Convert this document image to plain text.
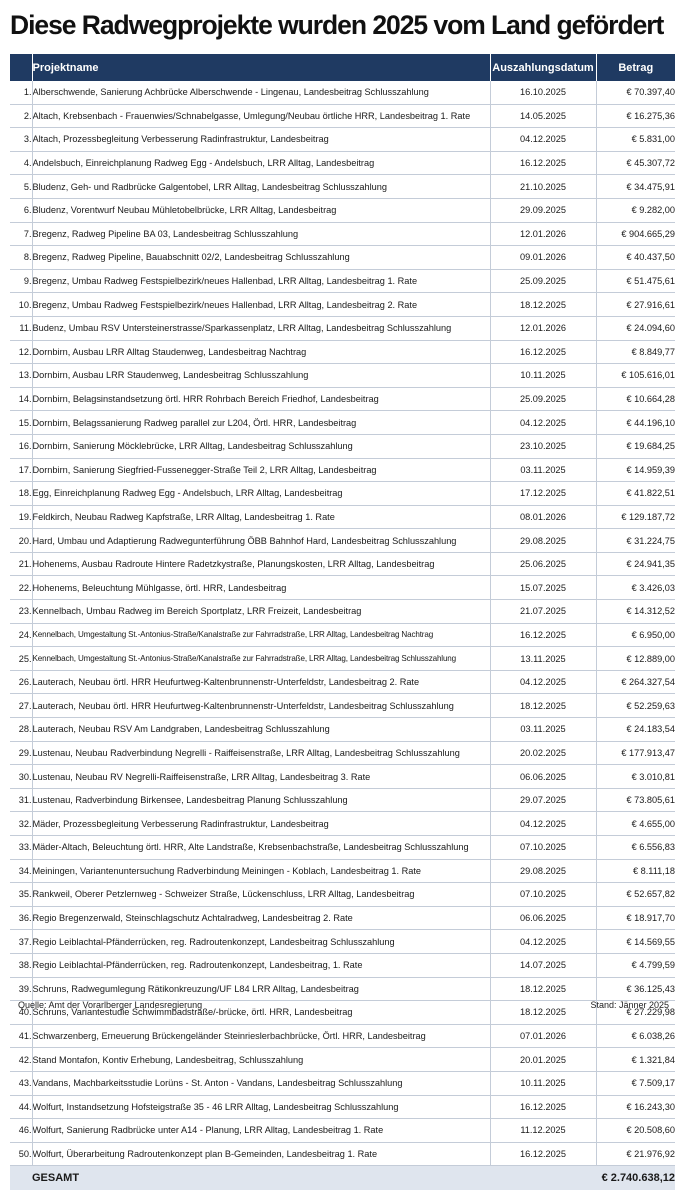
Diese Radwegprojekte wurden 2025 vom Land gefördert
	Projektname	Auszahlungsdatum	Betrag
1.	Alberschwende, Sanierung Achbrücke Alberschwende - Lingenau, Landesbeitrag Schlusszahlung	16.10.2025	€ 70.397,40
2.	Altach, Krebsenbach - Frauenwies/Schnabelgasse, Umlegung/Neubau örtliche HRR, Landesbeitrag 1. Rate	14.05.2025	€ 16.275,36
3.	Altach, Prozessbegleitung Verbesserung Radinfrastruktur, Landesbeitrag	04.12.2025	€ 5.831,00
4.	Andelsbuch, Einreichplanung Radweg Egg - Andelsbuch, LRR Alltag, Landesbeitrag	16.12.2025	€ 45.307,72
5.	Bludenz, Geh- und Radbrücke Galgentobel, LRR Alltag, Landesbeitrag Schlusszahlung	21.10.2025	€ 34.475,91
6.	Bludenz, Vorentwurf Neubau Mühletobelbrücke, LRR Alltag, Landesbeitrag	29.09.2025	€ 9.282,00
7.	Bregenz, Radweg Pipeline BA 03, Landesbeitrag Schlusszahlung	12.01.2026	€ 904.665,29
8.	Bregenz, Radweg Pipeline, Bauabschnitt 02/2, Landesbeitrag Schlusszahlung	09.01.2026	€ 40.437,50
9.	Bregenz, Umbau Radweg Festspielbezirk/neues Hallenbad, LRR Alltag, Landesbeitrag 1. Rate	25.09.2025	€ 51.475,61
10.	Bregenz, Umbau Radweg Festspielbezirk/neues Hallenbad, LRR Alltag, Landesbeitrag 2. Rate	18.12.2025	€ 27.916,61
11.	Budenz, Umbau RSV Untersteinerstrasse/Sparkassenplatz, LRR Alltag, Landesbeitrag Schlusszahlung	12.01.2026	€ 24.094,60
12.	Dornbirn, Ausbau LRR Alltag Staudenweg, Landesbeitrag Nachtrag	16.12.2025	€ 8.849,77
13.	Dornbirn, Ausbau LRR Staudenweg, Landesbeitrag Schlusszahlung	10.11.2025	€ 105.616,01
14.	Dornbirn, Belagsinstandsetzung örtl. HRR Rohrbach Bereich Friedhof, Landesbeitrag	25.09.2025	€ 10.664,28
15.	Dornbirn, Belagssanierung Radweg parallel zur L204, Örtl. HRR, Landesbeitrag	04.12.2025	€ 44.196,10
16.	Dornbirn, Sanierung Möcklebrücke, LRR Alltag, Landesbeitrag Schlusszahlung	23.10.2025	€ 19.684,25
17.	Dornbirn, Sanierung Siegfried-Fussenegger-Straße Teil 2, LRR Alltag, Landesbeitrag	03.11.2025	€ 14.959,39
18.	Egg, Einreichplanung Radweg Egg - Andelsbuch, LRR Alltag, Landesbeitrag	17.12.2025	€ 41.822,51
19.	Feldkirch, Neubau Radweg Kapfstraße, LRR Alltag, Landesbeitrag 1. Rate	08.01.2026	€ 129.187,72
20.	Hard, Umbau und Adaptierung Radwegunterführung ÖBB Bahnhof Hard, Landesbeitrag Schlusszahlung	29.08.2025	€ 31.224,75
21.	Hohenems, Ausbau Radroute Hintere Radetzkystraße, Planungskosten, LRR Alltag, Landesbeitrag	25.06.2025	€ 24.941,35
22.	Hohenems, Beleuchtung Mühlgasse, örtl. HRR, Landesbeitrag	15.07.2025	€ 3.426,03
23.	Kennelbach, Umbau Radweg im Bereich Sportplatz, LRR Freizeit, Landesbeitrag	21.07.2025	€ 14.312,52
24.	Kennelbach, Umgestaltung St.-Antonius-Straße/Kanalstraße zur Fahrradstraße, LRR Alltag, Landesbeitrag Nachtrag	16.12.2025	€ 6.950,00
25.	Kennelbach, Umgestaltung St.-Antonius-Straße/Kanalstraße zur Fahrradstraße, LRR Alltag, Landesbeitrag Schlusszahlung	13.11.2025	€ 12.889,00
26.	Lauterach, Neubau örtl. HRR Heufurtweg-Kaltenbrunnenstr-Unterfeldstr, Landesbeitrag 2. Rate	04.12.2025	€ 264.327,54
27.	Lauterach, Neubau örtl. HRR Heufurtweg-Kaltenbrunnenstr-Unterfeldstr, Landesbeitrag Schlusszahlung	18.12.2025	€ 52.259,63
28.	Lauterach, Neubau RSV Am Landgraben, Landesbeitrag Schlusszahlung	03.11.2025	€ 24.183,54
29.	Lustenau, Neubau Radverbindung Negrelli - Raiffeisenstraße, LRR Alltag, Landesbeitrag Schlusszahlung	20.02.2025	€ 177.913,47
30.	Lustenau, Neubau RV Negrelli-Raiffeisenstraße, LRR Alltag, Landesbeitrag 3. Rate	06.06.2025	€ 3.010,81
31.	Lustenau, Radverbindung Birkensee, Landesbeitrag Planung Schlusszahlung	29.07.2025	€ 73.805,61
32.	Mäder, Prozessbegleitung Verbesserung Radinfrastruktur, Landesbeitrag	04.12.2025	€ 4.655,00
33.	Mäder-Altach, Beleuchtung örtl. HRR, Alte Landstraße, Krebsenbachstraße, Landesbeitrag Schlusszahlung	07.10.2025	€ 6.556,83
34.	Meiningen, Variantenuntersuchung Radverbindung Meiningen - Koblach, Landesbeitrag 1. Rate	29.08.2025	€ 8.111,18
35.	Rankweil, Oberer Petzlernweg - Schweizer Straße, Lückenschluss, LRR Alltag, Landesbeitrag	07.10.2025	€ 52.657,82
36.	Regio Bregenzerwald, Steinschlagschutz Achtalradweg, Landesbeitrag 2. Rate	06.06.2025	€ 18.917,70
37.	Regio Leiblachtal-Pfänderrücken, reg. Radroutenkonzept, Landesbeitrag Schlusszahlung	04.12.2025	€ 14.569,55
38.	Regio Leiblachtal-Pfänderrücken, reg. Radroutenkonzept, Landesbeitrag, 1. Rate	14.07.2025	€ 4.799,59
39.	Schruns, Radwegumlegung Rätikonkreuzung/UF L84 LRR Alltag, Landesbeitrag	18.12.2025	€ 36.125,43
40.	Schruns, Variantestudie Schwimmbadstraße/-brücke, örtl. HRR, Landesbeitrag	18.12.2025	€ 27.229,98
41.	Schwarzenberg, Erneuerung Brückengeländer Steinrieslerbachbrücke, Örtl. HRR, Landesbeitrag	07.01.2026	€ 6.038,26
42.	Stand Montafon, Kontiv Erhebung, Landesbeitrag, Schlusszahlung	20.01.2025	€ 1.321,84
43.	Vandans, Machbarkeitsstudie Lorüns - St. Anton - Vandans, Landesbeitrag Schlusszahlung	10.11.2025	€ 7.509,17
44.	Wolfurt, Instandsetzung Hofsteigstraße 35 - 46 LRR Alltag, Landesbeitrag Schlusszahlung	16.12.2025	€ 16.243,30
46.	Wolfurt, Sanierung Radbrücke unter A14 - Planung, LRR Alltag, Landesbeitrag 1. Rate	11.12.2025	€ 20.508,60
50.	Wolfurt, Überarbeitung Radroutenkonzept plan B-Gemeinden, Landesbeitrag 1. Rate	16.12.2025	€ 21.976,92
	GESAMT		€ 2.740.638,12
Quelle: Amt der Vorarlberger Landesregierung	Stand: Jänner 2025
